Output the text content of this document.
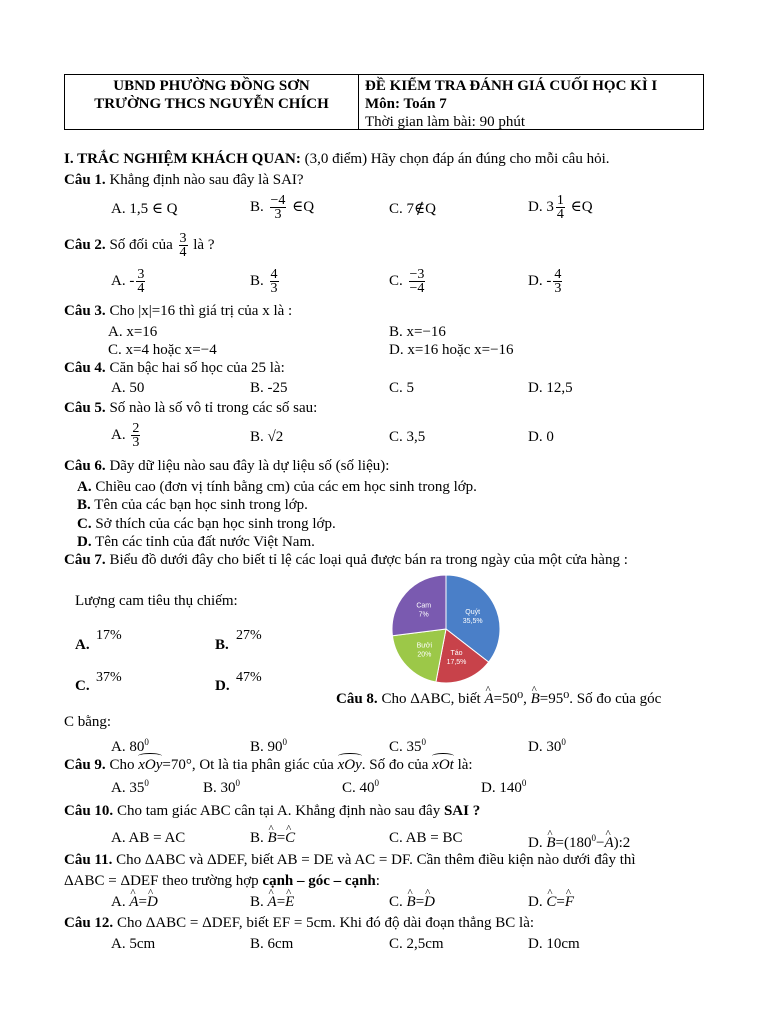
UBND PHƯỜNG ĐỒNG SƠN
TRƯỜNG THCS NGUYỄN CHÍCH
ĐỀ KIỂM TRA ĐÁNH GIÁ CUỐI HỌC KÌ I
Môn: Toán 7
Thời gian làm bài: 90 phút
I. TRẮC NGHIỆM KHÁCH QUAN: (3,0 điểm) Hãy chọn đáp án đúng cho mỗi câu hỏi.
Câu 1. Khẳng định nào sau đây là SAI?
A. 1,5 ∈ Q	B. $\frac{-4}{3}$ ∈Q	C. 7∉Q	D. $3 \frac{1}{4}$ ∈Q
Câu 2. Số đối của $\frac{3}{4}$ là ?
A. - $\frac{3}{4}$	B. $\frac{4}{3}$	C. $\frac{-3}{-4}$	D. - $\frac{4}{3}$
Câu 3. Cho |x|=16 thì giá trị của x là :
A. x=16	B. x=−16
C. x=4 hoặc x=−4	D. x=16 hoặc x=−16
Câu 4. Căn bậc hai số học của 25 là:
A. 50	B. -25	C. 5	D. 12,5
Câu 5. Số nào là số vô tỉ trong các số sau:
A. $\frac{2}{3}$	B. √2	C. 3,5	D. 0
Câu 6. Dãy dữ liệu nào sau đây là dự liệu số (số liệu):
A. Chiều cao (đơn vị tính bằng cm) của các em học sinh trong lớp.
B. Tên của các bạn học sinh trong lớp.
C. Sở thích của các bạn học sinh trong lớp.
D. Tên các tỉnh của đất nước Việt Nam.
Câu 7. Biểu đồ dưới đây cho biết tỉ lệ các loại quả được bán ra trong ngày của một cửa hàng :
Lượng cam tiêu thụ chiếm:
A.
17%
B.
27%
C.
37%
D.
47%
Quýt
35,5%
Táo
17,5%
Bưởi
20%
Cam
7%
Câu 8. Cho ΔABC, biết ^ A=50⁰, ^ B=95⁰. Số đo của góc
C bằng:
A. $80^0$	B. $90^0$	C. $35^0$	D. $30^0$
Câu 9. Cho xOy=70°, Ot là tia phân giác của xOy. Số đo của xOt là:
A. $35^0$	B. $30^0$	C. $40^0$	D. $140^0$
Câu 10. Cho tam giác ABC cân tại A. Khẳng định nào sau đây SAI ?
A. AB = AC	B. ^ B=^ C	C. AB = BC	D. ^ $B=(180^0-\^{}$ A):2
Câu 11. Cho ΔABC và ΔDEF, biết AB = DE và AC = DF. Cần thêm điều kiện nào dưới đây thì
ΔABC = ΔDEF theo trường hợp cạnh – góc – cạnh:
A. ^ A=^ D	B. ^ A=^ E	C. ^ B=^ D	D. ^ C=^ F
Câu 12. Cho ΔABC = ΔDEF, biết EF = 5cm. Khi đó độ dài đoạn thẳng BC là:
A. 5cm	B. 6cm	C. 2,5cm	D. 10cm
